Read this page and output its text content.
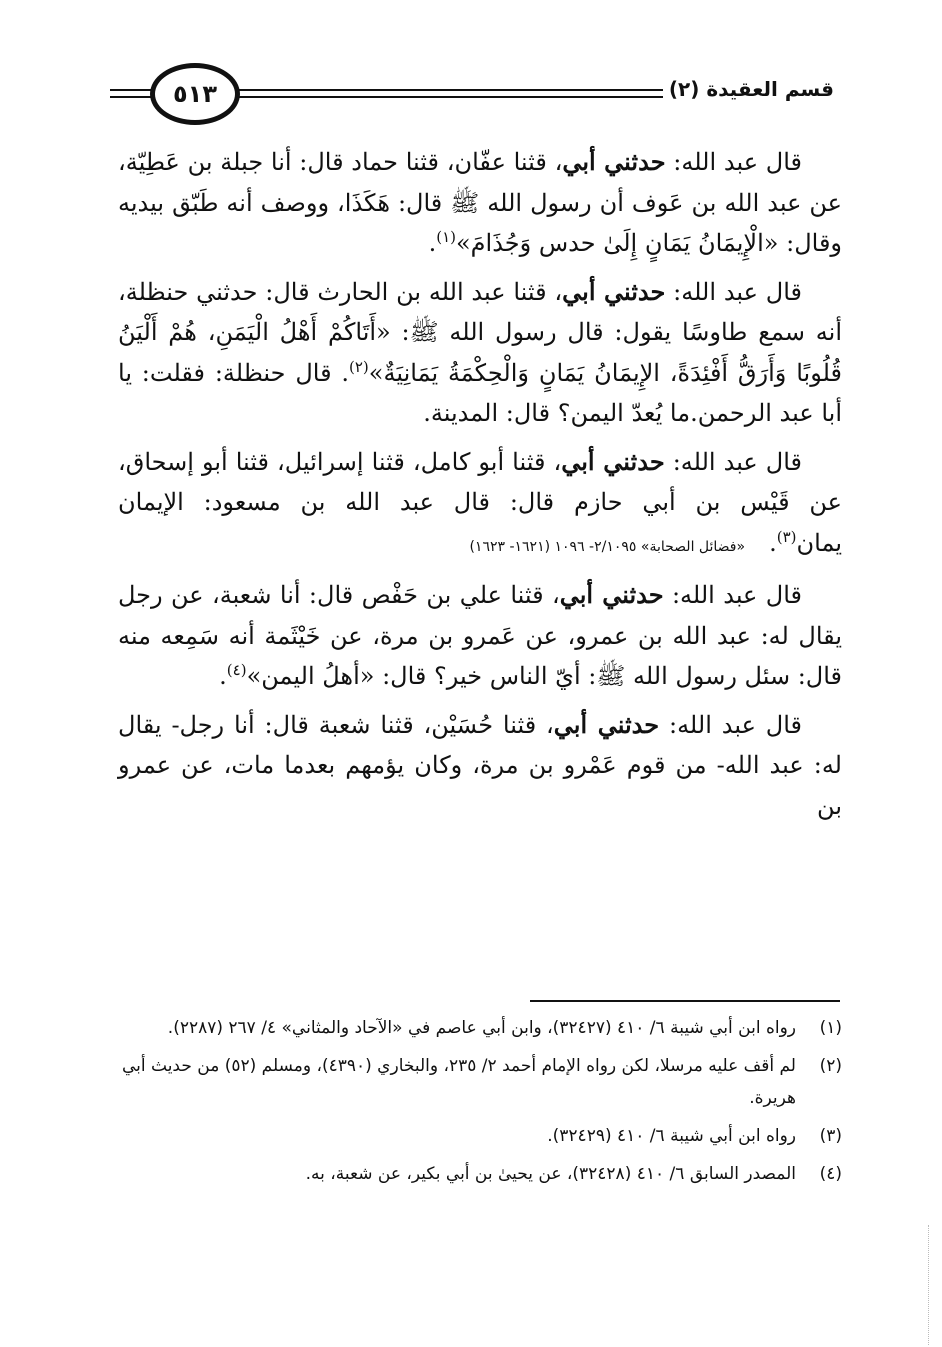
قسم العقيدة (٢)
٥١٣

قال عبد الله: حدثني أبي، قثنا عفّان، قثنا حماد قال: أنا جبلة بن عَطِيّة، عن عبد الله بن عَوف أن رسول الله ﷺ قال: هَكَذَا، ووصف أنه طَبّق بيديه وقال: «الْإِيمَانُ يَمَانٍ إِلَىٰ حدس وَجُذَامَ»$^{(١)}$.

قال عبد الله: حدثني أبي، قثنا عبد الله بن الحارث قال: حدثني حنظلة، أنه سمع طاوسًا يقول: قال رسول الله ﷺ: «أَتَاكُمْ أَهْلُ الْيَمَنِ، هُمْ أَلْيَنُ قُلُوبًا وَأَرَقُّ أَفْئِدَةً، الإِيمَانُ يَمَانٍ وَالْحِكْمَةُ يَمَانِيَةٌ»$^{(٢)}$. قال حنظلة: فقلت: يا أبا عبد الرحمن.ما يُعدّ اليمن؟ قال: المدينة.

قال عبد الله: حدثني أبي، قثنا أبو كامل، قثنا إسرائيل، قثنا أبو إسحاق، عن قَيْس بن أبي حازم قال: قال عبد الله بن مسعود: الإيمان يمان$^{(٣)}$.«فضائل الصحابة» ٢/١٠٩٥- ١٠٩٦ (١٦٢١- ١٦٢٣)

قال عبد الله: حدثني أبي، قثنا علي بن حَفْص قال: أنا شعبة، عن رجل يقال له: عبد الله بن عمرو، عن عَمرو بن مرة، عن خَيْثَمة أنه سَمِعه منه قال: سئل رسول الله ﷺ: أيّ الناس خير؟ قال: «أهلُ اليمن»$^{(٤)}$.

قال عبد الله: حدثني أبي، قثنا حُسَيْن، قثنا شعبة قال: أنا رجل- يقال له: عبد الله- من قوم عَمْرو بن مرة، وكان يؤمهم بعدما مات، عن عمرو بن

(١)
رواه ابن أبي شيبة ٦/ ٤١٠ (٣٢٤٢٧)، وابن أبي عاصم في «الآحاد والمثاني» ٤/ ٢٦٧ (٢٢٨٧).
(٢)
لم أقف عليه مرسلا، لكن رواه الإمام أحمد ٢/ ٢٣٥، والبخاري (٤٣٩٠)، ومسلم (٥٢) من حديث أبي هريرة.
(٣)
رواه ابن أبي شيبة ٦/ ٤١٠ (٣٢٤٢٩).
(٤)
المصدر السابق ٦/ ٤١٠ (٣٢٤٢٨)، عن يحيىٰ بن أبي بكير، عن شعبة، به.
